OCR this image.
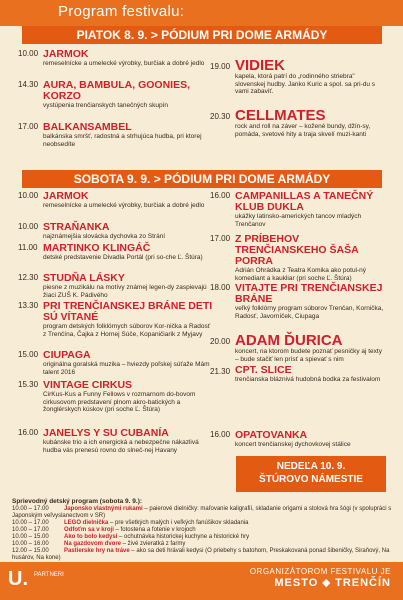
Program festivalu:
PIATOK 8. 9. > PÓDIUM PRI DOME ARMÁDY
SOBOTA 9. 9. > PÓDIUM PRI DOME ARMÁDY
NEDEĽA 10. 9.
ŠTÚROVO NÁMESTIE
10.00 JARMOK
remeselnícke a umelecké výrobky, burčiak a dobré jedlo
14.30 AURA, BAMBULA, GOONIES, KORZO
vystúpenia trenčianskych tanečných skupín
17.00 BALKANSAMBEL
balkánska smršť, radostná a strhujúca hudba, pri ktorej neobsedíte
19.00 VIDIEK
kapela, ktorá patrí do „rodinného striebra" slovenskej hudby. Janko Kuric a spol. sa pri-du s vami zabaviť.
20.30 CELLMATES
rock and roll na záver – kožené bundy, džín-sy, pomáda, svetové hity a traja skvelí muzi-kanti
10.00 JARMOK
remeselnícke a umelecké výrobky, burčiak a dobré jedlo
10.00 STRAŇANKA
najznámejšia slovácka dychovka zo Strání
11.00 MARTINKO KLINGÁČ
detské predstavenie Divadla Portál (pri so-che Ľ. Štúra)
12.30 STUDŇA LÁSKY
piesne z muzikálu na motívy známej legen-dy zaspievajú žiaci ZUŠ K. Pádivého
13.30 PRI TRENČIANSKEJ BRÁNE DETI SÚ VÍTANÉ
program detských folklórnych súborov Kor-nička a Radosť z Trenčína, Čajka z Hornej Súče, Kopaničiarik z Myjavy
15.00 CIUPAGA
originálna goralská muzika – hviezdy poľskej súťaže Mám talent 2016
15.30 VINTAGE CIRKUS
CirKus-Kus a Funny Fellows v rozmarnom do-bovom cirkusovom predstavení plnom akro-batických a žonglérskych kúskov (pri soche Ľ. Štúra)
16.00 JANELYS Y SU CUBANÍA
kubánske trio a ich energická a nebezpečne nákazlivá hudba vás prenesú rovno do slneč-nej Havany
16.00 CAMPANILLAS A TANEČNÝ KLUB DUKLA
ukážky latinsko-amerických tancov mladých Trenčanov
17.00 Z PRÍBEHOV TRENČIANSKEHO ŠAŠA PORRA
Adrián Ohrádka z Teatra Komika ako potul-ný komediant a kaukliar (pri soche Ľ. Štúra)
18.00 VITAJTE PRI TRENČIANSKEJ BRÁNE
veľký folklórny program súborov Trenčan, Kornička, Radosť, Javorníček, Ciupaga
20.00 ADAM ĎURICA
koncert, na ktorom budete poznať pesničky aj texty – bude stačiť len prísť a spievať s nim
21.30 CPT. SLICE
trenčianska bláznivá hudobná bodka za festivalom
16.00 OPATOVANKA
koncert trenčianskej dychovkovej stálice
Sprievodný detský program (sobota 9. 9.):
10.00 – 17.00	Japonsko vlastnými rukami – paierové dielničky: maľovanie kaligrafií, skladanie origami a stolová hra šógi (v spolupráci s Japonským veľvyslanectvom v SR)
10.00 – 17.00	LEGO dielnička – pre všetkých malých i veľkých fanúšikov skladania
10.00 – 17.00	Odfoťm sa v kroji – fotostena a fotenie v krojoch
10.00 – 15.00	Ako to bolo kedysi – ochutnávka historickej kuchyne a historické hry
10.00 – 16.00	Na gazdovom dvore – živé zvieratká z farmy
12.00 – 15.00	Pastierske hry na tráve – ako sa deti hrávali kedysi (O priebehy s batohom, Preskakovaná ponad šibeničky, Siraňový, Na husárov, Na kone)
U.	PARTNERI	ORGANIZÁTOROM FESTIVALU JE
MESTO ⬥ TRENČÍN
